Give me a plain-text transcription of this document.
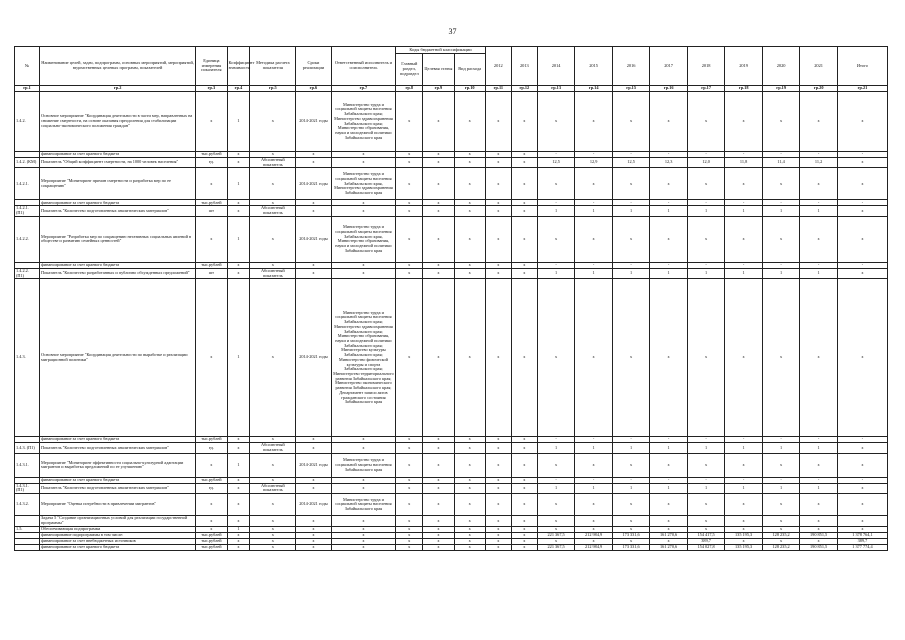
37
№	Наименование целей, задач, подпрограмм, основных мероприятий, мероприятий, ведомственных целевых программ, показателей	Единица измерения показателя	Коэффициент значимости	Методика расчета показателя	Сроки реализации	Ответственный исполнитель и соисполнитель	Коды бюджетной классификации			2012	2013	2014	2015	2016	2017	2018	2019	2020	2021	Итого
							Главный раздел, подраздел	Целевая статья	Вид расхода											
гр.1	гр.2	гр.3	гр.4	гр.5	гр.6	гр.7	гр.8	гр.9	гр.10	гр.11	гр.12	гр.13	гр.14	гр.15	гр.16	гр.17	гр.18	гр.19	гр.20	гр.21
1.4.2.	Основное мероприятие "Координация деятельности в части мер, направленных на снижение смертности, на основе оказания преодоления для стабилизации социально-экономического положения граждан"	х	1	х	2014-2021 годы	Министерство труда и социальной защиты населения Забайкальского края; Министерство здравоохранения Забайкальского края; Министерство образования, науки и молодежной политики Забайкальского края	х	х	х	х	х	х	х	х	х	х	х	х	х	х
	финансирование за счет краевого бюджета	тыс.рублей	х	х	х	х	х	х	х	х	х	-	-	-	-	-	-	-	-	-
1.4.2. (КМ)	Показатель "Общий коэффициент смертности, на 1000 человек населения"	ед.	х	Абсолютный показатель	х	х	х	х	х	х	х	12,5	12,9	12,5	12,3	12,0	11,8	11,4	11,2	х
1.4.2.1.	Мероприятие "Мониторинг причин смертности и разработка мер по ее сокращению"	х	1	х	2014-2021 годы	Министерство труда и социальной защиты населения Забайкальского края, Министерство здравоохранения Забайкальского края	х	х	х	х	х	х	х	х	х	х	х	х	х	х
	финансирование за счет краевого бюджета	тыс.рублей	х	х	х	х	х	х	х	х	х	-	-	-	-	-	-	-	-	-
1.4.2.1. (П1)	Показатель "Количество подготовленных аналитических материалов"	шт	х	Абсолютный показатель	х	х	х	х	х	х	х	1	1	1	1	1	1	1	1	х
1.4.2.2.	Мероприятие "Разработка мер по сокращению негативных социальных явлений в обществе и развитию семейных ценностей"	х	1	х	2014-2021 годы	Министерство труда и социальной защиты населения Забайкальского края, Министерство образования, науки и молодежной политики Забайкальского края	х	х	х	х	х	х	х	х	х	х	х	х	х	х
	финансирование за счет краевого бюджета	тыс.рублей	х	х	х	х	х	х	х	х	х	-	-	-	-	-	-	-	-	-
1.4.2.2. (П1)	Показатель "Количество разработанных и публично обсужденных предложений"	шт	х	Абсолютный показатель	х	х	х	х	х	х	х	1	1	1	1	1	1	1	1	х
1.4.3.	Основное мероприятие "Координация деятельности по выработке и реализации миграционной политики"	х	1	х	2014-2021 годы	Министерство труда и социальной защиты населения Забайкальского края; Министерство здравоохранения Забайкальского края; Министерство образования, науки и молодежной политики Забайкальского края; Министерство культуры Забайкальского края; Министерство физической культуры и спорта Забайкальского края; Министерство территориального развития Забайкальского края; Министерство экономического развития Забайкальского края; Департамент записи актов гражданского состояния Забайкальского края	х	х	х	х	х	х	х	х	х	х	х	х	х	х
	финансирование за счет краевого бюджета	тыс.рублей	х	х	х	х	х	х	х	х	х	-	-	-	-	-	-	-	-	-
1.4.3. (П1)	Показатель "Количество подготовленных аналитических материалов"	ед.	х	Абсолютный показатель	х	х	х	х	х	х	х	1	1	1	1	1	1	1	1	х
1.4.3.1.	Мероприятие "Мониторинг эффективности социально-культурной адаптации мигрантов и выработка предложений по ее улучшению"	х	1	х	2014-2021 годы	Министерство труда и социальной защиты населения Забайкальского края	х	х	х	х	х	х	х	х	х	х	х	х	х	х
	финансирование за счет краевого бюджета	тыс.рублей	х	х	х	х	х	х	х	х	х	-	-	-	-	-	-	-	-	-
1.4.3.1. (П1)	Показатель "Количество подготовленных аналитических материалов"	ед.	х	Абсолютный показатель	х	х	х	х	х	х	х	1	1	1	1	1	1	1	1	х
1.4.3.2.	Мероприятие "Оценка потребности в привлечении мигрантов"	х	х	х	2014-2021 годы	Министерство труда и социальной защиты населения Забайкальского края	х	х	х	х	х	х	х	х	х	х	х	х	х	х
	Задача 5 "Создание организационных условий для реализации государственной программы"	х	х	х	х	х	х	х	х	х	х	х	х	х	х	х	х	х	х	х
1.5.	Обеспечивающая подпрограмма	х	1	х	х	х	х	х	х	х	х	х	х	х	х	х	х	х	х	х
	финансирование подпрограммы в том числе:	тыс.рублей	х	х	х	х	х	х	х	х	х	221 367,5	212 984,9	173 331,6	161 270,6	154 417,5	135 195,3	128 235,2	190 851,5	1 378 764,1
	финансирование за счет внебюджетных источников	тыс.рублей	х	х	х	х	х	х	х	х	х	х	х	х	х	389,7	х	х	х	389,7
	финансирование за счет краевого бюджета	тыс.рублей	х	х	х	х	х	х	х	х	х	221 367,5	212 984,9	173 331,6	161 270,6	154 027,8	135 195,3	128 235,2	190 851,5	1 377 774,4
